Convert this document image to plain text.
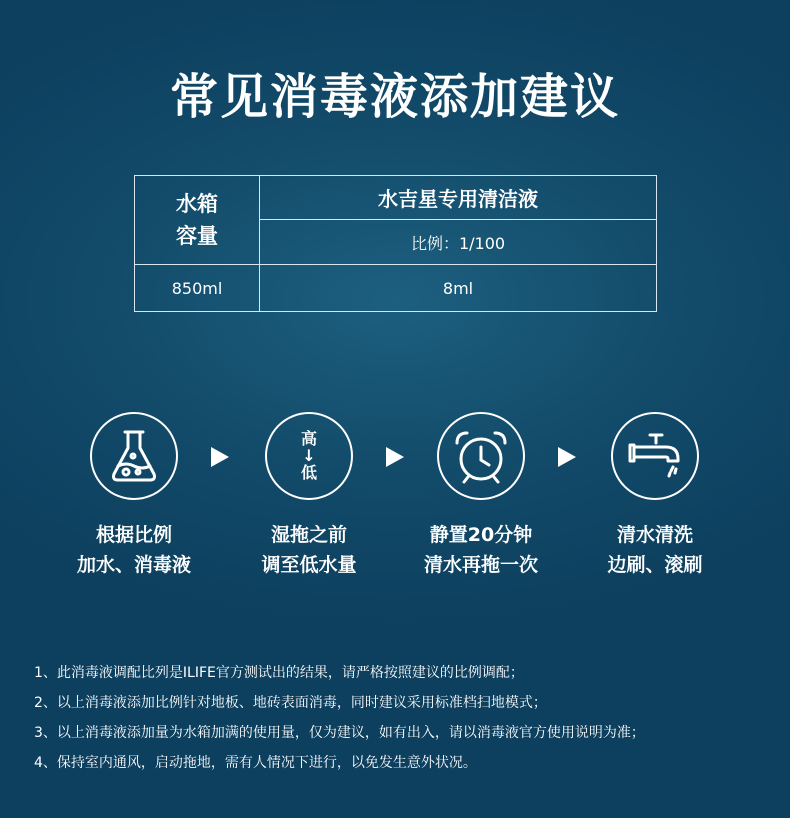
常见消毒液添加建议
水箱
容量	水吉星专用清洁液
	比例：1/100
850ml	8ml
根据比例
加水、消毒液
高
↓
低
湿拖之前
调至低水量
静置20分钟
清水再拖一次
清水清洗
边刷、滚刷
1、此消毒液调配比列是ILIFE官方测试出的结果，请严格按照建议的比例调配；
2、以上消毒液添加比例针对地板、地砖表面消毒，同时建议采用标准档扫地模式；
3、以上消毒液添加量为水箱加满的使用量，仅为建议，如有出入，请以消毒液官方使用说明为准；
4、保持室内通风，启动拖地，需有人情况下进行，以免发生意外状况。
